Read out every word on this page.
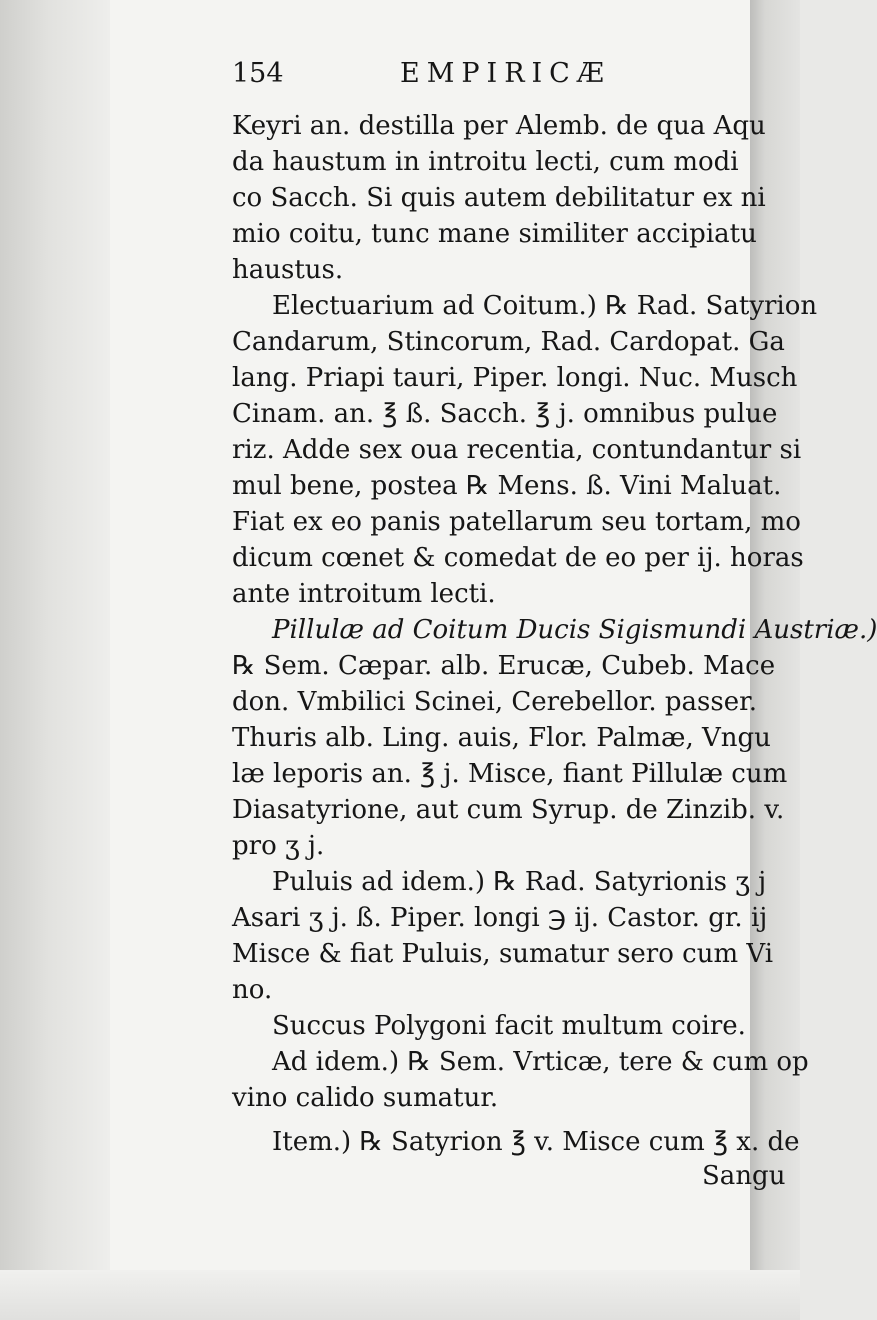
154	EMPIRICÆ
Keyri an. destilla per Alemb. de qua Aqu
da haustum in introitu lecti, cum modi
co Sacch. Si quis autem debilitatur ex ni
mio coitu, tunc mane similiter accipiatu
haustus.
Electuarium ad Coitum.) ℞ Rad. Satyrion
Candarum, Stincorum, Rad. Cardopat. Ga
lang. Priapi tauri, Piper. longi. Nuc. Musch
Cinam. an. ℥ ß. Sacch. ℥ j. omnibus pulue
riz. Adde sex oua recentia, contundantur si
mul bene, postea ℞ Mens. ß. Vini Maluat.
Fiat ex eo panis patellarum seu tortam, mo
dicum cœnet & comedat de eo per ij. horas
ante introitum lecti.
Pillulæ ad Coitum Ducis Sigismundi Austriæ.)
℞ Sem. Cæpar. alb. Erucæ, Cubeb. Mace
don. Vmbilici Scinei, Cerebellor. passer.
Thuris alb. Ling. auis, Flor. Palmæ, Vngu
læ leporis an. ℥ j. Misce, fiant Pillulæ cum
Diasatyrione, aut cum Syrup. de Zinzib. v.
pro ʒ j.
Puluis ad idem.) ℞ Rad. Satyrionis ʒ j
Asari ʒ j. ß. Piper. longi ℈ ij. Castor. gr. ij
Misce & fiat Puluis, sumatur sero cum Vi
no.
Succus Polygoni facit multum coire.
Ad idem.) ℞ Sem. Vrticæ, tere & cum op
vino calido sumatur.
Item.) ℞ Satyrion ℥ v. Misce cum ℥ x. de
Sangu
